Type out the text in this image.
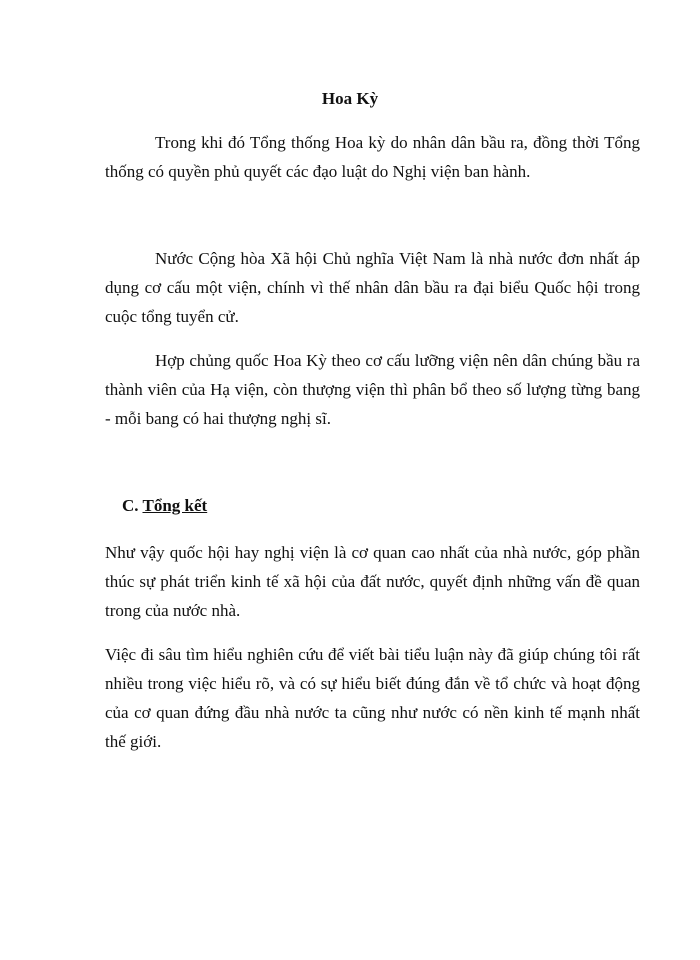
Hoa Kỳ

Trong khi đó Tổng thống Hoa kỳ do nhân dân bầu ra, đồng thời Tổng thống có quyền phủ quyết các đạo luật do Nghị viện ban hành.

Nước Cộng hòa Xã hội Chủ nghĩa Việt Nam là nhà nước đơn nhất áp dụng cơ cấu một viện, chính vì thế nhân dân bầu ra đại biểu Quốc hội trong cuộc tổng tuyển cử.

Hợp chủng quốc Hoa Kỳ theo cơ cấu lưỡng viện nên dân chúng bầu ra thành viên của Hạ viện, còn thượng viện thì phân bổ theo số lượng từng bang - mỗi bang có hai thượng nghị sĩ.

C. Tổng kết

Như vậy quốc hội hay nghị viện là cơ quan cao nhất của nhà nước, góp phần thúc sự phát triển kinh tế xã hội của đất nước, quyết định những vấn đề quan trong của nước nhà.

Việc đi sâu tìm hiểu nghiên cứu để viết bài tiểu luận này đã giúp chúng tôi rất nhiều trong việc hiểu rõ, và có sự hiểu biết đúng đắn về tổ chức và hoạt động của cơ quan đứng đầu nhà nước ta cũng như nước có nền kinh tế mạnh nhất thế giới.
